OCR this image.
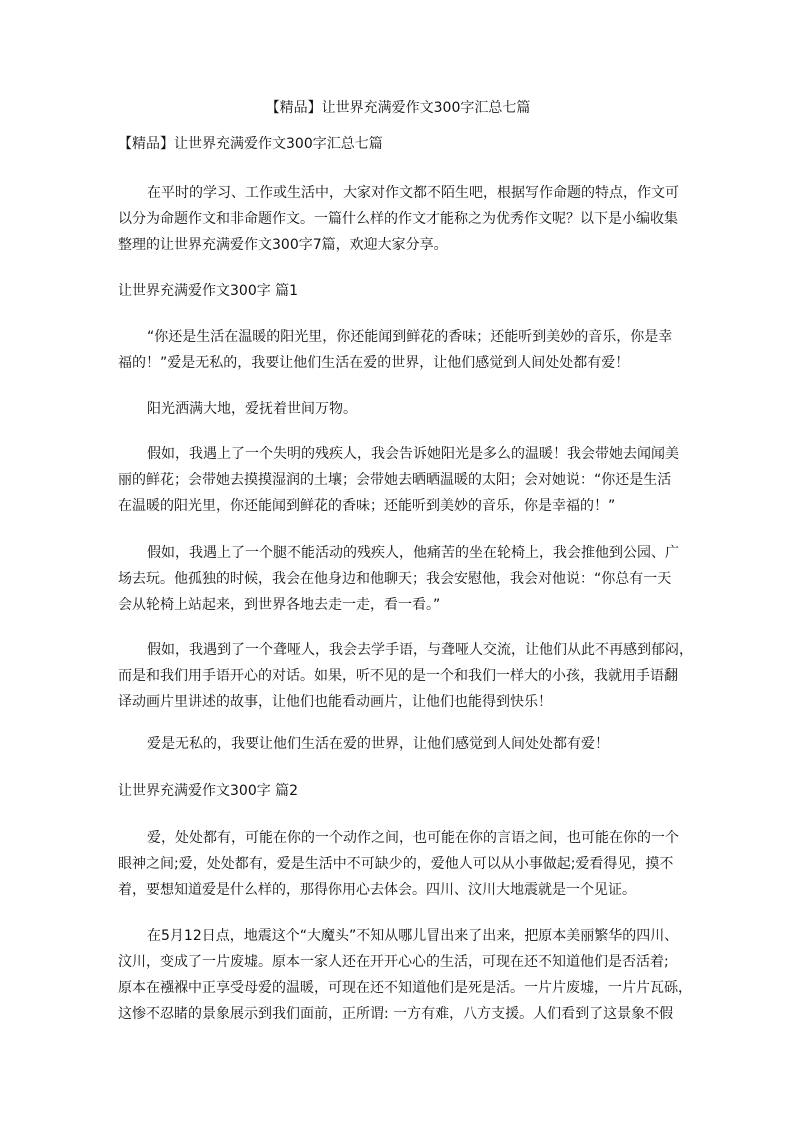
【精品】让世界充满爱作文300字汇总七篇
【精品】让世界充满爱作文300字汇总七篇
在平时的学习、工作或生活中，大家对作文都不陌生吧，根据写作命题的特点，作文可
以分为命题作文和非命题作文。一篇什么样的作文才能称之为优秀作文呢？以下是小编收集
整理的让世界充满爱作文300字7篇，欢迎大家分享。
让世界充满爱作文300字 篇1
“你还是生活在温暖的阳光里，你还能闻到鲜花的香味；还能听到美妙的音乐，你是幸
福的！”爱是无私的，我要让他们生活在爱的世界，让他们感觉到人间处处都有爱！
阳光洒满大地，爱抚着世间万物。
假如，我遇上了一个失明的残疾人，我会告诉她阳光是多么的温暖！我会带她去闻闻美
丽的鲜花；会带她去摸摸湿润的土壤；会带她去晒晒温暖的太阳；会对她说：“你还是生活
在温暖的阳光里，你还能闻到鲜花的香味；还能听到美妙的音乐，你是幸福的！”
假如，我遇上了一个腿不能活动的残疾人，他痛苦的坐在轮椅上，我会推他到公园、广
场去玩。他孤独的时候，我会在他身边和他聊天；我会安慰他，我会对他说：“你总有一天
会从轮椅上站起来，到世界各地去走一走，看一看。”
假如，我遇到了一个聋哑人，我会去学手语，与聋哑人交流，让他们从此不再感到郁闷，
而是和我们用手语开心的对话。如果，听不见的是一个和我们一样大的小孩，我就用手语翻
译动画片里讲述的故事，让他们也能看动画片，让他们也能得到快乐！
爱是无私的，我要让他们生活在爱的世界，让他们感觉到人间处处都有爱！
让世界充满爱作文300字 篇2
爱，处处都有，可能在你的一个动作之间，也可能在你的言语之间，也可能在你的一个
眼神之间;爱，处处都有，爱是生活中不可缺少的，爱他人可以从小事做起;爱看得见，摸不
着，要想知道爱是什么样的，那得你用心去体会。四川、汶川大地震就是一个见证。
在5月12日点，地震这个“大魔头”不知从哪儿冒出来了出来，把原本美丽繁华的四川、
汶川，变成了一片废墟。原本一家人还在开开心心的生活，可现在还不知道他们是否活着;
原本在襁褓中正享受母爱的温暖，可现在还不知道他们是死是活。一片片废墟，一片片瓦砾，
这惨不忍睹的景象展示到我们面前，正所谓: 一方有难，八方支援。人们看到了这景象不假
